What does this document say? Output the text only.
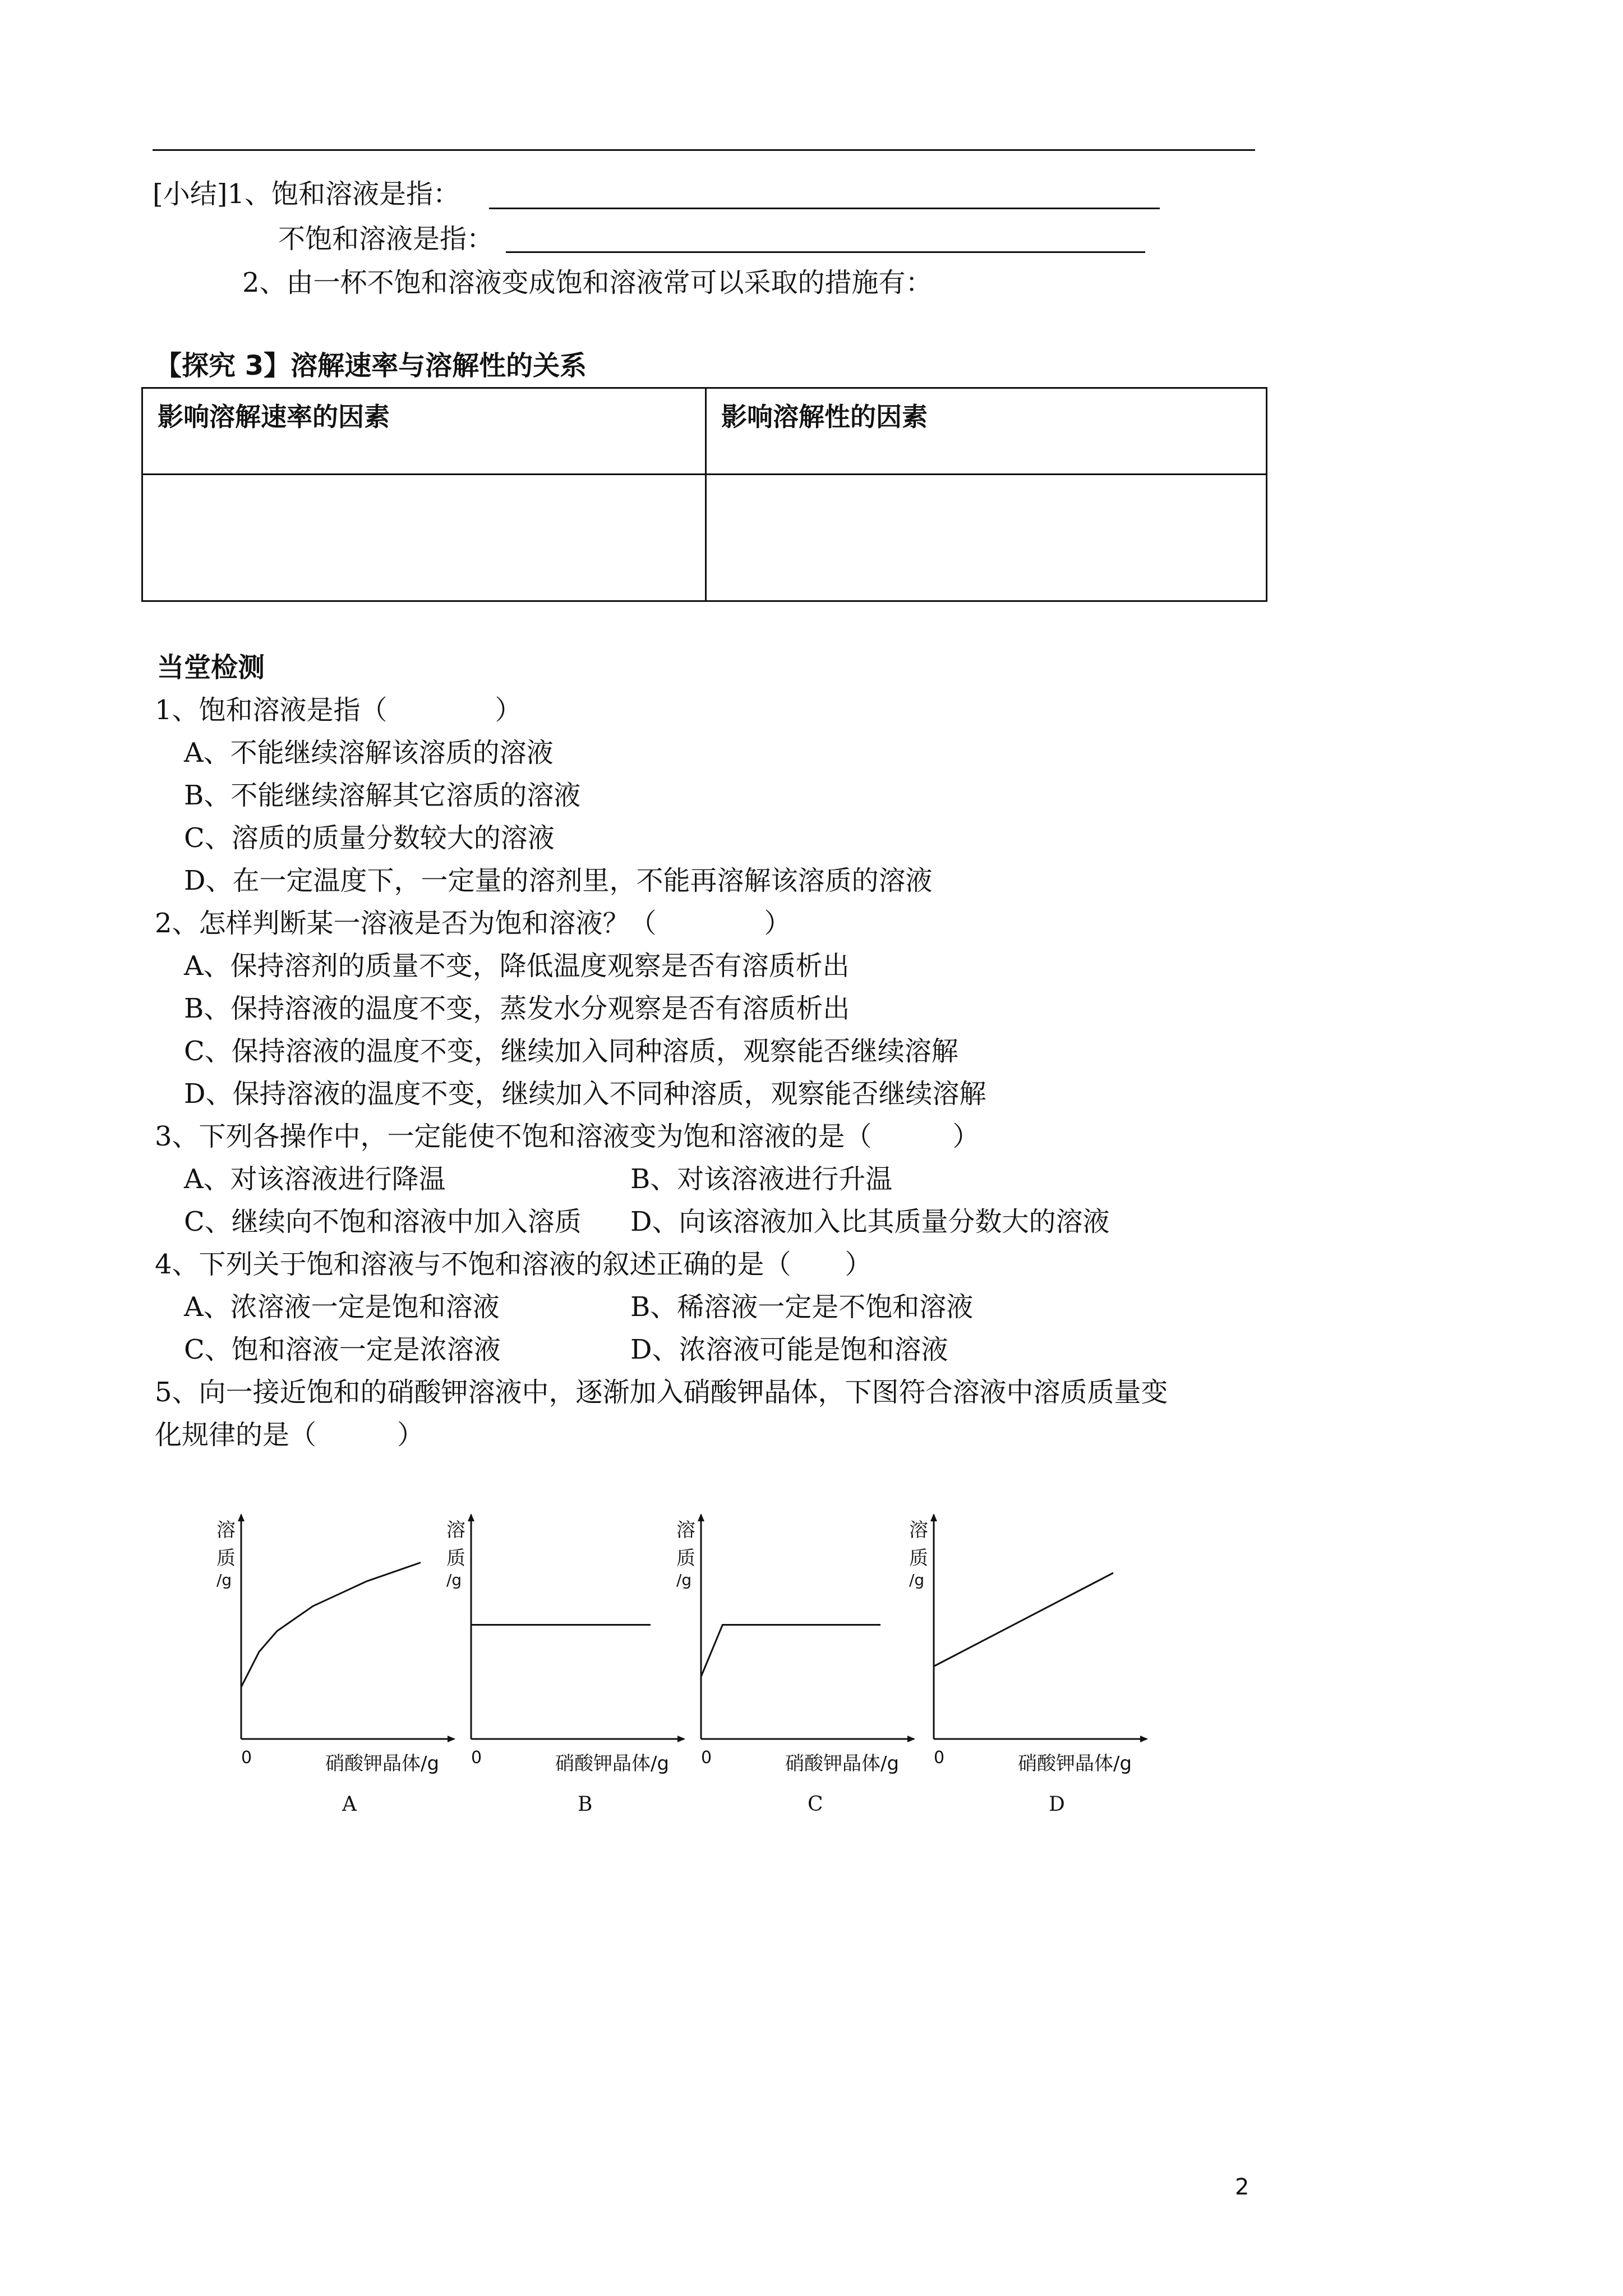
[小结]1、饱和溶液是指：
不饱和溶液是指：
2、由一杯不饱和溶液变成饱和溶液常可以采取的措施有：
【探究 3】溶解速率与溶解性的关系
影响溶解速率的因素	影响溶解性的因素

当堂检测
1、饱和溶液是指（　　　　）
A、不能继续溶解该溶质的溶液
B、不能继续溶解其它溶质的溶液
C、溶质的质量分数较大的溶液
D、在一定温度下，一定量的溶剂里，不能再溶解该溶质的溶液
2、怎样判断某一溶液是否为饱和溶液？（　　　　）
A、保持溶剂的质量不变，降低温度观察是否有溶质析出
B、保持溶液的温度不变，蒸发水分观察是否有溶质析出
C、保持溶液的温度不变，继续加入同种溶质，观察能否继续溶解
D、保持溶液的温度不变，继续加入不同种溶质，观察能否继续溶解
3、下列各操作中，一定能使不饱和溶液变为饱和溶液的是（　　　）
A、对该溶液进行降温	B、对该溶液进行升温
C、继续向不饱和溶液中加入溶质 D、向该溶液加入比其质量分数大的溶液
4、下列关于饱和溶液与不饱和溶液的叙述正确的是（　　）
A、浓溶液一定是饱和溶液	B、稀溶液一定是不饱和溶液
C、饱和溶液一定是浓溶液	D、浓溶液可能是饱和溶液
5、向一接近饱和的硝酸钾溶液中，逐渐加入硝酸钾晶体，下图符合溶液中溶质质量变
化规律的是（　　　）
溶
质
/g
0	硝酸钾晶体/g
A
溶
质
/g
0	硝酸钾晶体/g
B
溶
质
/g
0	硝酸钾晶体/g
C
溶
质
/g
0	硝酸钾晶体/g
D
2
